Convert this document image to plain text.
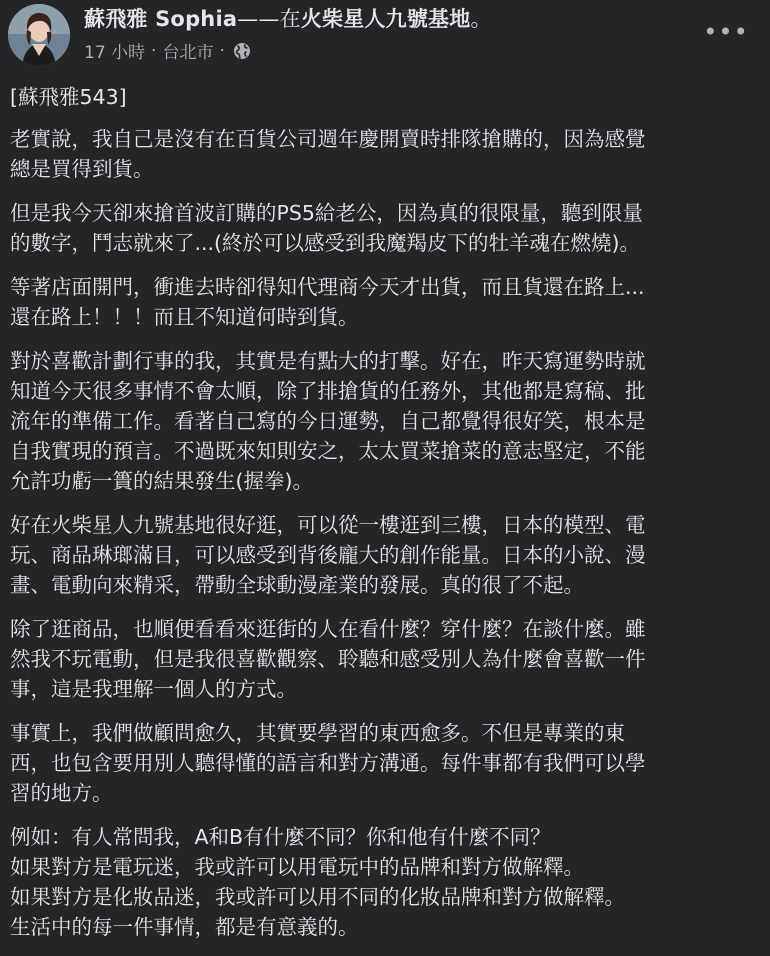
蘇飛雅 Sophia——在火柴星人九號基地。
17 小時 · 台北市 ·
•••

[蘇飛雅543]

老實說，我自己是沒有在百貨公司週年慶開賣時排隊搶購的，因為感覺
總是買得到貨。

但是我今天卻來搶首波訂購的PS5給老公，因為真的很限量，聽到限量
的數字，鬥志就來了...(終於可以感受到我魔羯皮下的牡羊魂在燃燒)。

等著店面開門，衝進去時卻得知代理商今天才出貨，而且貨還在路上...
還在路上！！！而且不知道何時到貨。

對於喜歡計劃行事的我，其實是有點大的打擊。好在，昨天寫運勢時就
知道今天很多事情不會太順，除了排搶貨的任務外，其他都是寫稿、批
流年的準備工作。看著自己寫的今日運勢，自己都覺得很好笑，根本是
自我實現的預言。不過既來知則安之，太太買菜搶菜的意志堅定，不能
允許功虧一簣的結果發生(握拳)。

好在火柴星人九號基地很好逛，可以從一樓逛到三樓，日本的模型、電
玩、商品琳瑯滿目，可以感受到背後龐大的創作能量。日本的小說、漫
畫、電動向來精采，帶動全球動漫產業的發展。真的很了不起。

除了逛商品，也順便看看來逛街的人在看什麼？穿什麼？在談什麼。雖
然我不玩電動，但是我很喜歡觀察、聆聽和感受別人為什麼會喜歡一件
事，這是我理解一個人的方式。

事實上，我們做顧問愈久，其實要學習的東西愈多。不但是專業的東
西，也包含要用別人聽得懂的語言和對方溝通。每件事都有我們可以學
習的地方。

例如：有人常問我，A和B有什麼不同？你和他有什麼不同？
如果對方是電玩迷，我或許可以用電玩中的品牌和對方做解釋。
如果對方是化妝品迷，我或許可以用不同的化妝品牌和對方做解釋。
生活中的每一件事情，都是有意義的。
